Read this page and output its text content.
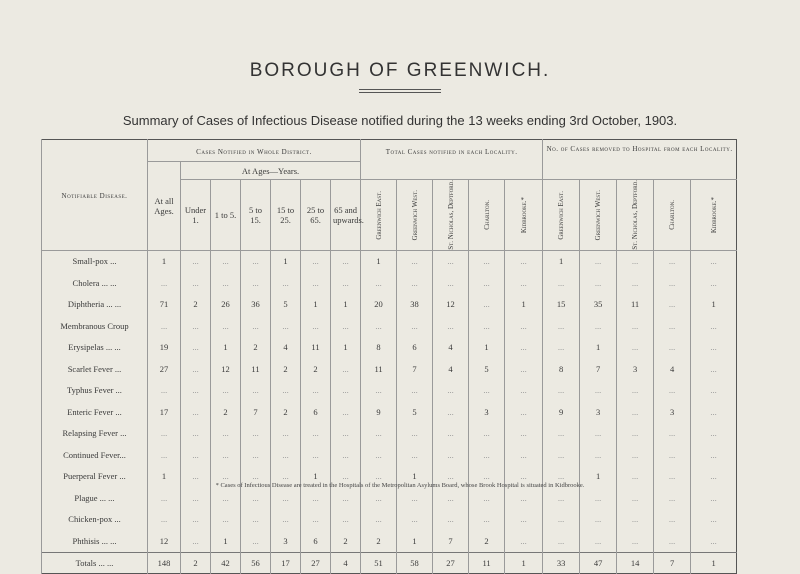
BOROUGH OF GREENWICH.
Summary of Cases of Infectious Disease notified during the 13 weeks ending 3rd October, 1903.
Notifiable Disease.	Cases Notified in Whole District.							Total Cases notified in each Locality.					No. of Cases removed to Hospital from each Locality.				
	At all Ages.	At Ages—Years.															
		Under 1.	1 to 5.	5 to 15.	15 to 25.	25 to 65.	65 and upwards.	Greenwich East.	Greenwich West.	St. Nicholas, Deptford.	Charlton.	Kidbrooke.*	Greenwich East.	Greenwich West.	St. Nicholas, Deptford.	Charlton.	Kidbrooke.*

Small-pox ...	1	...	...	...	1	...	...	1	...	...	...	...	1	...	...	...	...
Cholera ... ...	...	...	...	...	...	...	...	...	...	...	...	...	...	...	...	...	...
Diphtheria ... ...	71	2	26	36	5	1	1	20	38	12	...	1	15	35	11	...	1
Membranous Croup	...	...	...	...	...	...	...	...	...	...	...	...	...	...	...	...	...
Erysipelas ... ...	19	...	1	2	4	11	1	8	6	4	1	...	...	1	...	...	...
Scarlet Fever ...	27	...	12	11	2	2	...	11	7	4	5	...	8	7	3	4	...
Typhus Fever ...	...	...	...	...	...	...	...	...	...	...	...	...	...	...	...	...	...
Enteric Fever ...	17	...	2	7	2	6	...	9	5	...	3	...	9	3	...	3	...
Relapsing Fever ...	...	...	...	...	...	...	...	...	...	...	...	...	...	...	...	...	...
Continued Fever...	...	...	...	...	...	...	...	...	...	...	...	...	...	...	...	...	...
Puerperal Fever ...	1	...	...	...	...	1	...	...	1	...	...	...	...	1	...	...	...
Plague ... ...	...	...	...	...	...	...	...	...	...	...	...	...	...	...	...	...	...
Chicken-pox ...	...	...	...	...	...	...	...	...	...	...	...	...	...	...	...	...	...
Phthisis ... ...	12	...	1	...	3	6	2	2	1	7	2	...	...	...	...	...	...
Totals ... ...	148	2	42	56	17	27	4	51	58	27	11	1	33	47	14	7	1
* Cases of Infectious Disease are treated in the Hospitals of the Metropolitan Asylums Board, whose Brook Hospital is situated in Kidbrooke.
